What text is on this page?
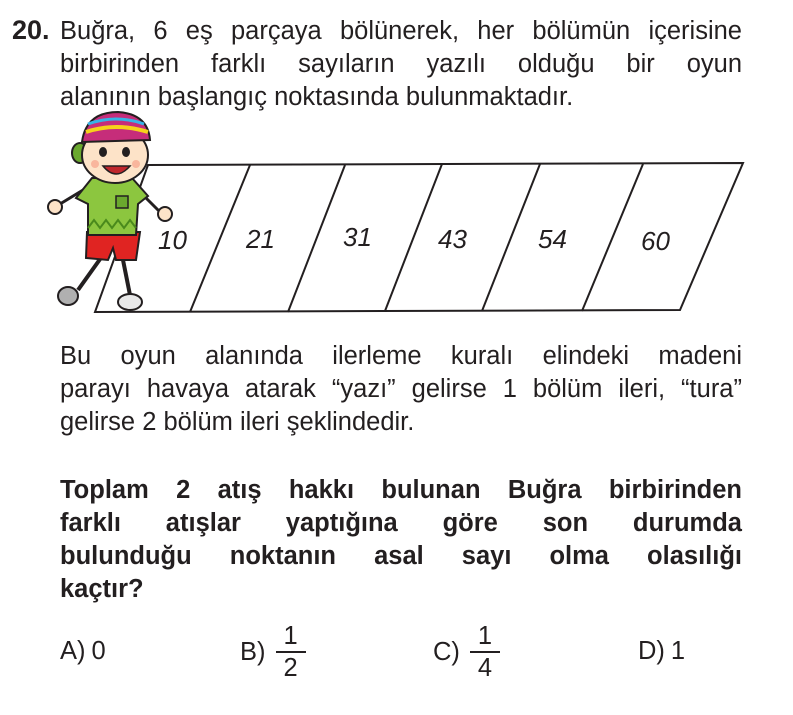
20. Buğra, 6 eş parçaya bölünerek, her bölümün içerisine
birbirinden farklı sayıların yazılı olduğu bir oyun
alanının başlangıç noktasında bulunmaktadır.
10 21	31	43	54	60
Bu oyun alanında ilerleme kuralı elindeki madeni
parayı havaya atarak “yazı” gelirse 1 bölüm ileri, “tura”
gelirse 2 bölüm ileri şeklindedir.
Toplam 2 atış hakkı bulunan Buğra birbirinden
farklı atışlar yaptığına göre son durumda
bulunduğu noktanın asal sayı olma olasılığı
kaçtır?
A) 0	$B) \frac{1}{2}$	$C) \frac{1}{4}$	D) 1
